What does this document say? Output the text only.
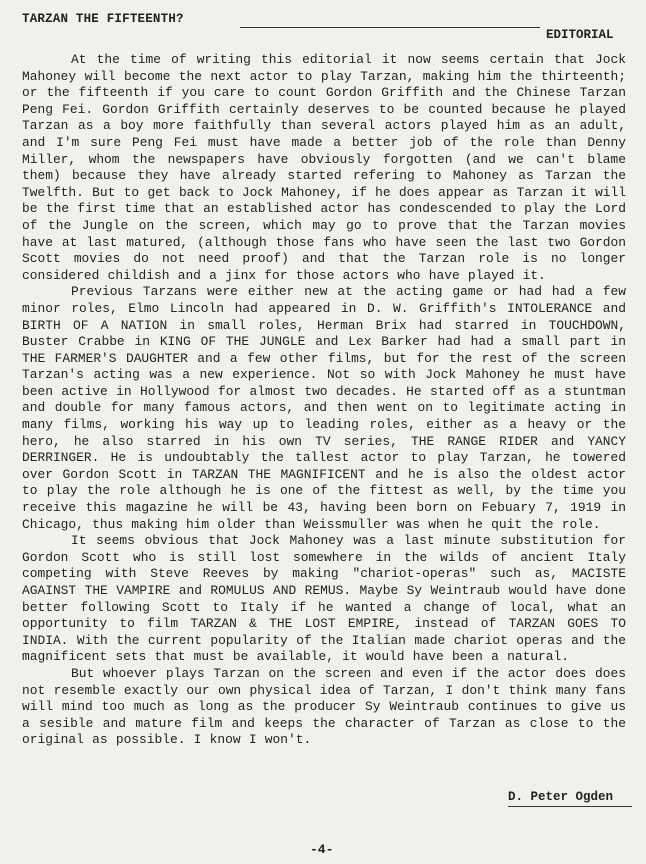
TARZAN THE FIFTEENTH?
EDITORIAL

At the time of writing this editorial it now seems certain that Jock Mahoney will become the next actor to play Tarzan, making him the thirteenth; or the fifteenth if you care to count Gordon Griffith and the Chinese Tarzan Peng Fei. Gordon Griffith certainly deserves to be counted because he played Tarzan as a boy more faithfully than several actors played him as an adult, and I'm sure Peng Fei must have made a better job of the role than Denny Miller, whom the newspapers have obviously forgotten (and we can't blame them) because they have already started refering to Mahoney as Tarzan the Twelfth. But to get back to Jock Mahoney, if he does appear as Tarzan it will be the first time that an established actor has condescended to play the Lord of the Jungle on the screen, which may go to prove that the Tarzan movies have at last matured, (although those fans who have seen the last two Gordon Scott movies do not need proof) and that the Tarzan role is no longer considered childish and a jinx for those actors who have played it.

Previous Tarzans were either new at the acting game or had had a few minor roles, Elmo Lincoln had appeared in D. W. Griffith's INTOLERANCE and BIRTH OF A NATION in small roles, Herman Brix had starred in TOUCHDOWN, Buster Crabbe in KING OF THE JUNGLE and Lex Barker had had a small part in THE FARMER'S DAUGHTER and a few other films, but for the rest of the screen Tarzan's acting was a new experience. Not so with Jock Mahoney he must have been active in Hollywood for almost two decades. He started off as a stuntman and double for many famous actors, and then went on to legitimate acting in many films, working his way up to leading roles, either as a heavy or the hero, he also starred in his own TV series, THE RANGE RIDER and YANCY DERRINGER. He is undoubtably the tallest actor to play Tarzan, he towered over Gordon Scott in TARZAN THE MAGNIFICENT and he is also the oldest actor to play the role although he is one of the fittest as well, by the time you receive this magazine he will be 43, having been born on Febuary 7, 1919 in Chicago, thus making him older than Weissmuller was when he quit the role.

It seems obvious that Jock Mahoney was a last minute substitution for Gordon Scott who is still lost somewhere in the wilds of ancient Italy competing with Steve Reeves by making "chariot-operas" such as, MACISTE AGAINST THE VAMPIRE and ROMULUS AND REMUS. Maybe Sy Weintraub would have done better following Scott to Italy if he wanted a change of local, what an opportunity to film TARZAN & THE LOST EMPIRE, instead of TARZAN GOES TO INDIA. With the current popularity of the Italian made chariot operas and the magnificent sets that must be available, it would have been a natural.

But whoever plays Tarzan on the screen and even if the actor does does not resemble exactly our own physical idea of Tarzan, I don't think many fans will mind too much as long as the producer Sy Weintraub continues to give us a sesible and mature film and keeps the character of Tarzan as close to the original as possible. I know I won't.

D. Peter Ogden
-4-
